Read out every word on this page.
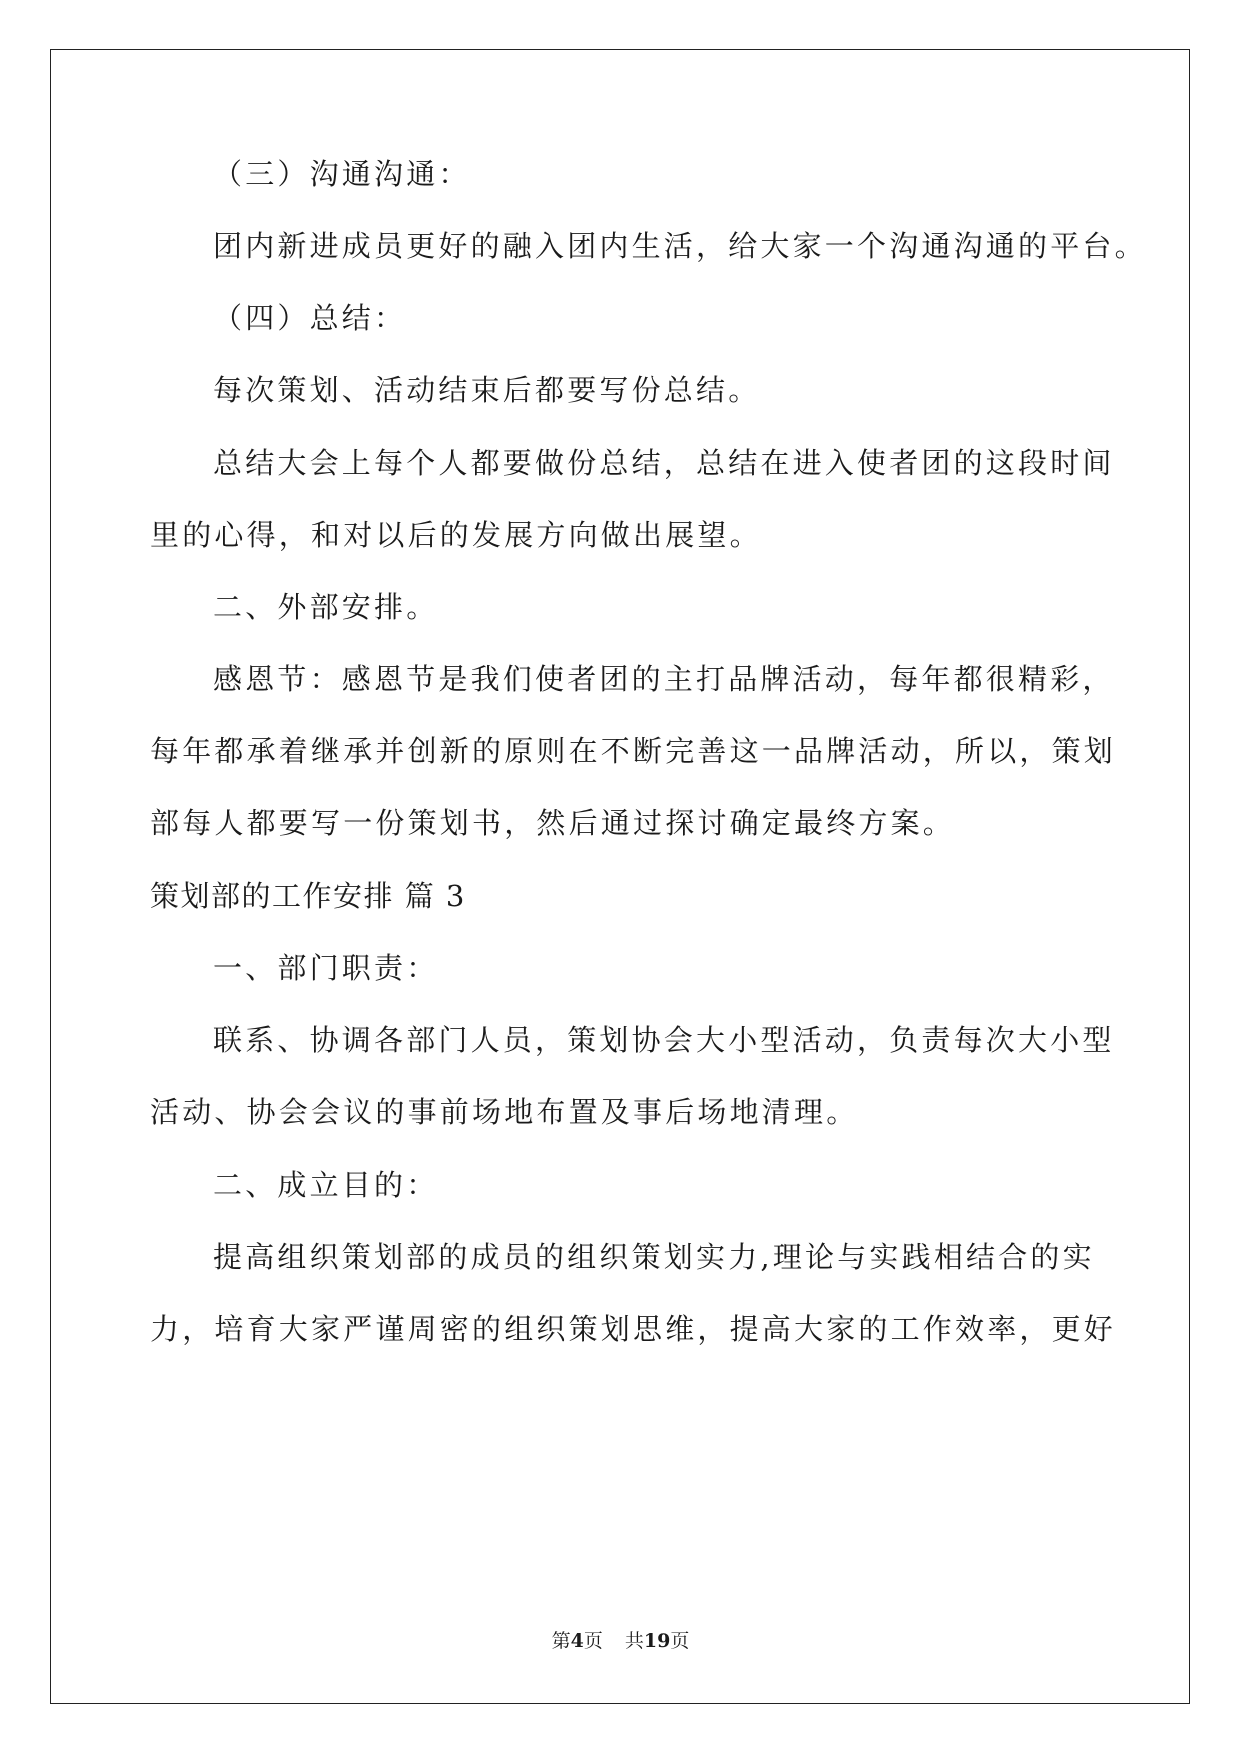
（三）沟通沟通：
团内新进成员更好的融入团内生活，给大家一个沟通沟通的平台。
（四）总结：
每次策划、活动结束后都要写份总结。
总结大会上每个人都要做份总结，总结在进入使者团的这段时间
里的心得，和对以后的发展方向做出展望。
二、外部安排。
感恩节：感恩节是我们使者团的主打品牌活动，每年都很精彩，
每年都承着继承并创新的原则在不断完善这一品牌活动，所以，策划
部每人都要写一份策划书，然后通过探讨确定最终方案。
策划部的工作安排 篇 3
一、部门职责：
联系、协调各部门人员，策划协会大小型活动，负责每次大小型
活动、协会会议的事前场地布置及事后场地清理。
二、成立目的：
提高组织策划部的成员的组织策划实力,理论与实践相结合的实
力，培育大家严谨周密的组织策划思维，提高大家的工作效率，更好
第4页 共19页
